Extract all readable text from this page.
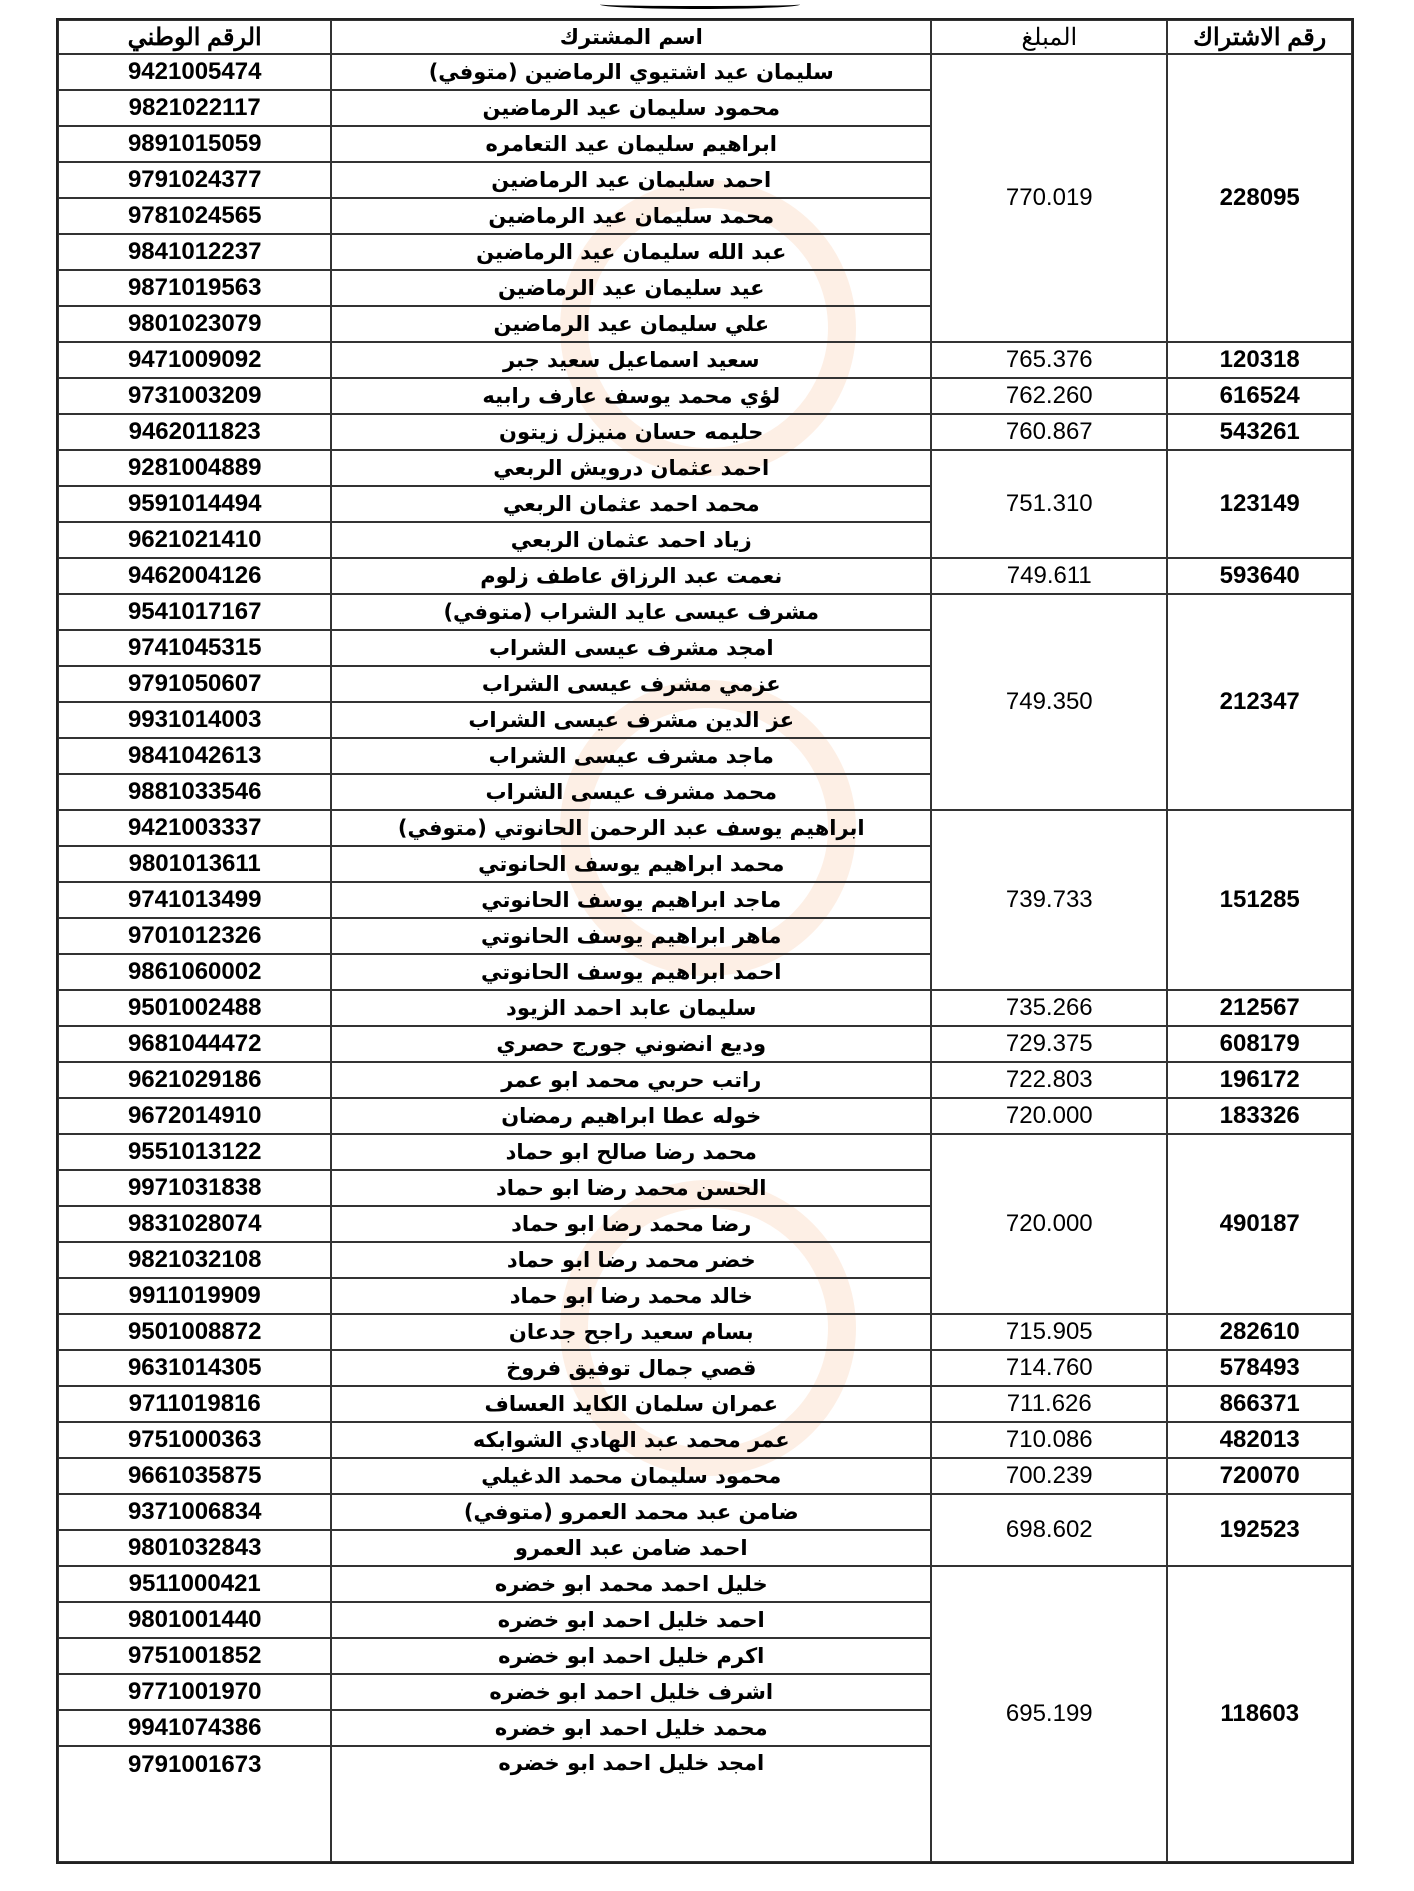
رقم الاشتراك	المبلغ	اسم المشترك	الرقم الوطني
228095	770.019	سليمان عيد اشتيوي الرماضين (متوفي)	9421005474
		محمود سليمان عيد الرماضين	9821022117
		ابراهيم سليمان عيد التعامره	9891015059
		احمد سليمان عيد الرماضين	9791024377
		محمد سليمان عيد الرماضين	9781024565
		عبد الله سليمان عيد الرماضين	9841012237
		عيد سليمان عيد الرماضين	9871019563
		علي سليمان عيد الرماضين	9801023079
120318	765.376	سعيد اسماعيل سعيد جبر	9471009092
616524	762.260	لؤي محمد يوسف عارف رابيه	9731003209
543261	760.867	حليمه حسان منيزل زيتون	9462011823
123149	751.310	احمد عثمان درويش الربعي	9281004889
		محمد احمد عثمان الربعي	9591014494
		زياد احمد عثمان الربعي	9621021410
593640	749.611	نعمت عبد الرزاق عاطف زلوم	9462004126
212347	749.350	مشرف عيسى عايد الشراب (متوفي)	9541017167
		امجد مشرف عيسى الشراب	9741045315
		عزمي مشرف عيسى الشراب	9791050607
		عز الدين مشرف عيسى الشراب	9931014003
		ماجد مشرف عيسى الشراب	9841042613
		محمد مشرف عيسى الشراب	9881033546
151285	739.733	ابراهيم يوسف عبد الرحمن الحانوتي (متوفي)	9421003337
		محمد ابراهيم يوسف الحانوتي	9801013611
		ماجد ابراهيم يوسف الحانوتي	9741013499
		ماهر ابراهيم يوسف الحانوتي	9701012326
		احمد ابراهيم يوسف الحانوتي	9861060002
212567	735.266	سليمان عابد احمد الزيود	9501002488
608179	729.375	وديع انضوني جورج حصري	9681044472
196172	722.803	راتب حربي محمد ابو عمر	9621029186
183326	720.000	خوله عطا ابراهيم رمضان	9672014910
490187	720.000	محمد رضا صالح ابو حماد	9551013122
		الحسن محمد رضا ابو حماد	9971031838
		رضا محمد رضا ابو حماد	9831028074
		خضر محمد رضا ابو حماد	9821032108
		خالد محمد رضا ابو حماد	9911019909
282610	715.905	بسام سعيد راجح جدعان	9501008872
578493	714.760	قصي جمال توفيق فروخ	9631014305
866371	711.626	عمران سلمان الكايد العساف	9711019816
482013	710.086	عمر محمد عبد الهادي الشوابكه	9751000363
720070	700.239	محمود سليمان محمد الدغيلي	9661035875
192523	698.602	ضامن عبد محمد العمرو (متوفي)	9371006834
		احمد ضامن عبد العمرو	9801032843
118603	695.199	خليل احمد محمد ابو خضره	9511000421
		احمد خليل احمد ابو خضره	9801001440
		اكرم خليل احمد ابو خضره	9751001852
		اشرف خليل احمد ابو خضره	9771001970
		محمد خليل احمد ابو خضره	9941074386
		امجد خليل احمد ابو خضره	9791001673
